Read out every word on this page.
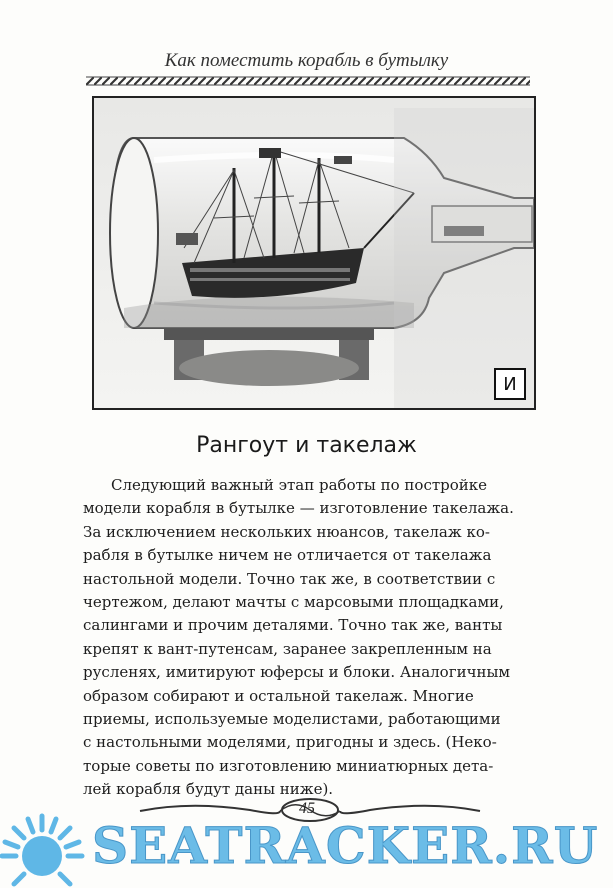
Как поместить корабль в бутылку
И
Рангоут и такелаж
Следующий важный этап работы по постройке
модели корабля в бутылке — изготовление такелажа.
За исключением нескольких нюансов, такелаж ко-
рабля в бутылке ничем не отличается от такелажа
настольной модели. Точно так же, в соответствии с
чертежом, делают мачты с марсовыми площадками,
салингами и прочим деталями. Точно так же, ванты
крепят к вант-путенсам, заранее закрепленным на
русленях, имитируют юферсы и блоки. Аналогичным
образом собирают и остальной такелаж. Многие
приемы, используемые моделистами, работающими
с настольными моделями, пригодны и здесь. (Неко-
торые советы по изготовлению миниатюрных дета-
лей корабля будут даны ниже).
45
SEATRACKER.RU
